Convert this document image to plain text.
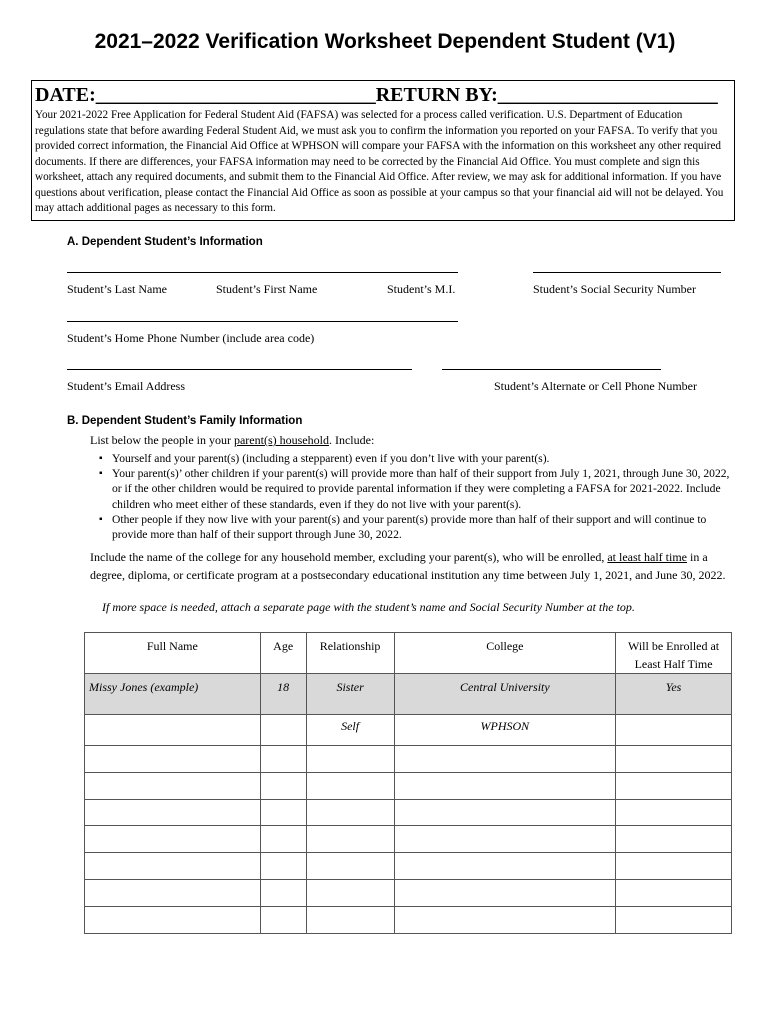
2021–2022 Verification Worksheet Dependent Student (V1)
DATE:____________________________RETURN BY:______________________
Your 2021-2022 Free Application for Federal Student Aid (FAFSA) was selected for a process called verification. U.S. Department of Education regulations state that before awarding Federal Student Aid, we must ask you to confirm the information you reported on your FAFSA. To verify that you provided correct information, the Financial Aid Office at WPHSON will compare your FAFSA with the information on this worksheet any other required documents. If there are differences, your FAFSA information may need to be corrected by the Financial Aid Office. You must complete and sign this worksheet, attach any required documents, and submit them to the Financial Aid Office. After review, we may ask for additional information. If you have questions about verification, please contact the Financial Aid Office as soon as possible at your campus so that your financial aid will not be delayed. You may attach additional pages as necessary to this form.
A. Dependent Student’s Information
Student’s Last Name	Student’s First Name	Student’s M.I.	Student’s Social Security Number
Student’s Home Phone Number (include area code)
Student’s Email Address	Student’s Alternate or Cell Phone Number
B. Dependent Student’s Family Information
List below the people in your parent(s) household. Include:
▪ Yourself and your parent(s) (including a stepparent) even if you don’t live with your parent(s).
▪ Your parent(s)’ other children if your parent(s) will provide more than half of their support from July 1, 2021, through June 30, 2022, or if the other children would be required to provide parental information if they were completing a FAFSA for 2021-2022. Include children who meet either of these standards, even if they do not live with your parent(s).
▪ Other people if they now live with your parent(s) and your parent(s) provide more than half of their support and will continue to provide more than half of their support through June 30, 2022.
Include the name of the college for any household member, excluding your parent(s), who will be enrolled, at least half time in a degree, diploma, or certificate program at a postsecondary educational institution any time between July 1, 2021, and June 30, 2022.
If more space is needed, attach a separate page with the student’s name and Social Security Number at the top.
Full Name	Age	Relationship	College	Will be Enrolled at Least Half Time
Missy Jones (example)	18	Sister	Central University	Yes
		Self	WPHSON	
